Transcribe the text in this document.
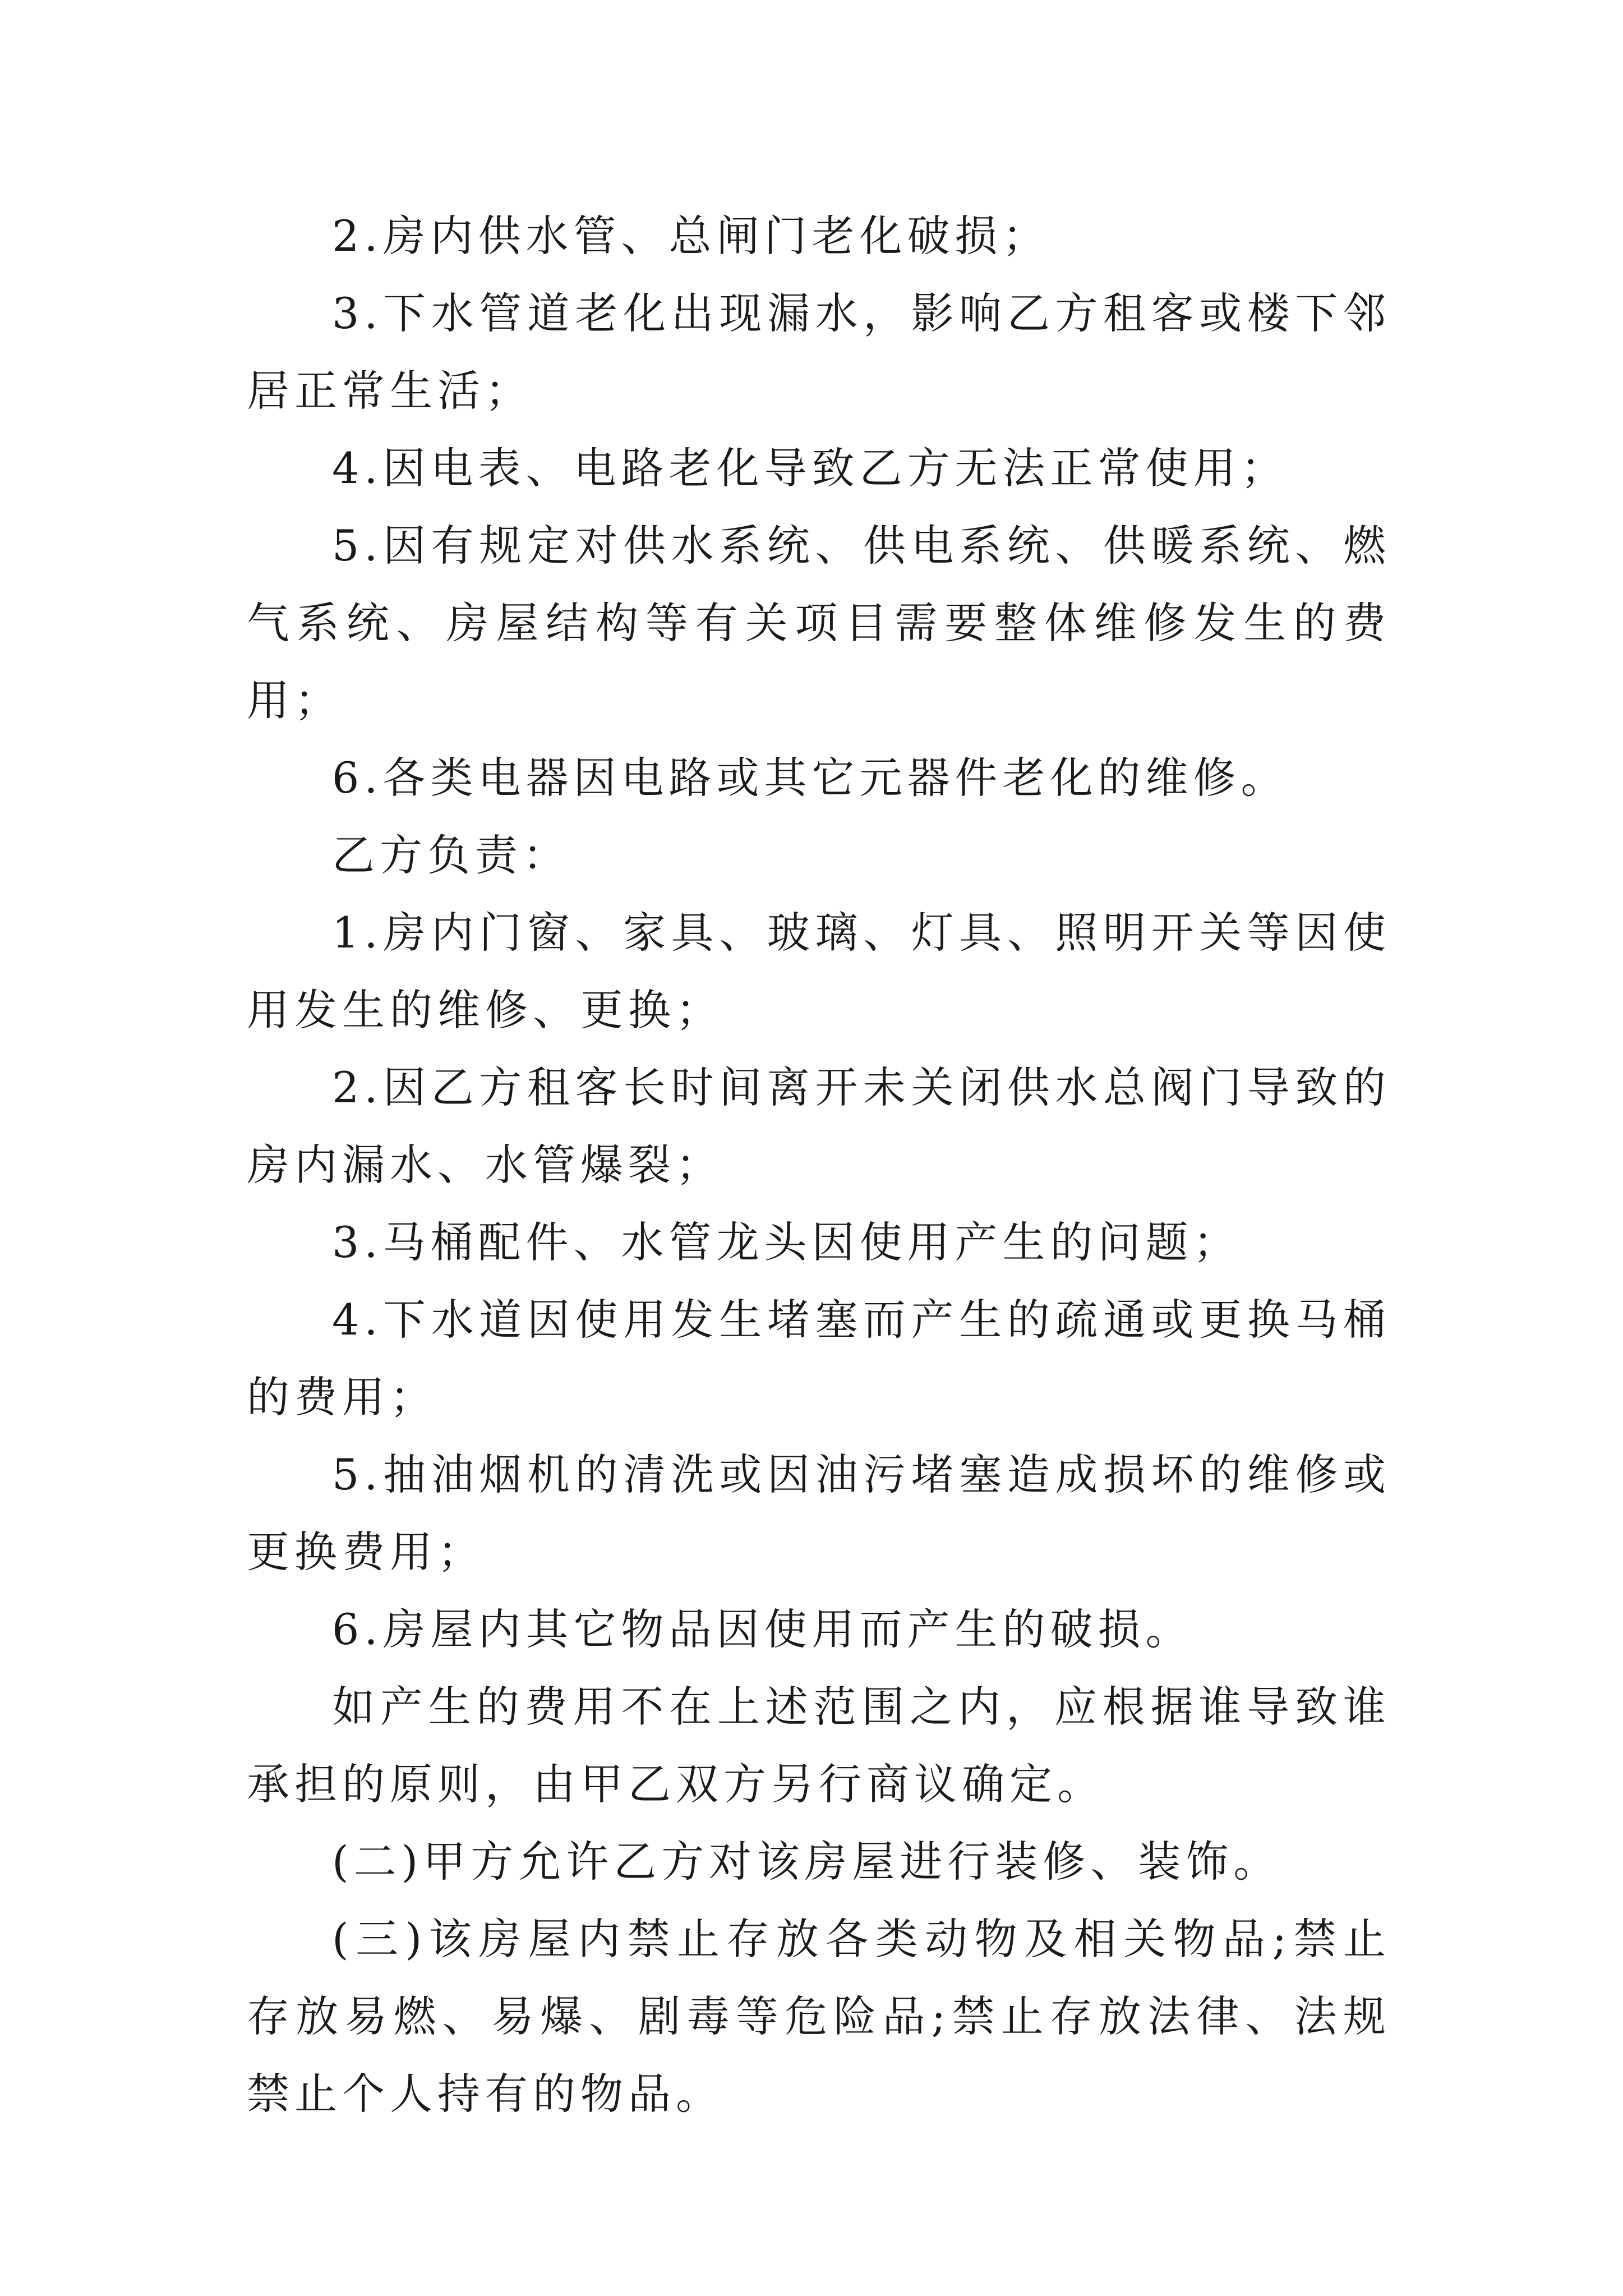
2.房内供水管、总闸门老化破损；

3.下水管道老化出现漏水，影响乙方租客或楼下邻居正常生活；

4.因电表、电路老化导致乙方无法正常使用；

5.因有规定对供水系统、供电系统、供暖系统、燃气系统、房屋结构等有关项目需要整体维修发生的费用；

6.各类电器因电路或其它元器件老化的维修。

乙方负责：

1.房内门窗、家具、玻璃、灯具、照明开关等因使用发生的维修、更换；

2.因乙方租客长时间离开未关闭供水总阀门导致的房内漏水、水管爆裂；

3.马桶配件、水管龙头因使用产生的问题；

4.下水道因使用发生堵塞而产生的疏通或更换马桶的费用；

5.抽油烟机的清洗或因油污堵塞造成损坏的维修或更换费用；

6.房屋内其它物品因使用而产生的破损。

如产生的费用不在上述范围之内，应根据谁导致谁承担的原则，由甲乙双方另行商议确定。

(二)甲方允许乙方对该房屋进行装修、装饰。

(三)该房屋内禁止存放各类动物及相关物品;禁止存放易燃、易爆、剧毒等危险品;禁止存放法律、法规禁止个人持有的物品。
